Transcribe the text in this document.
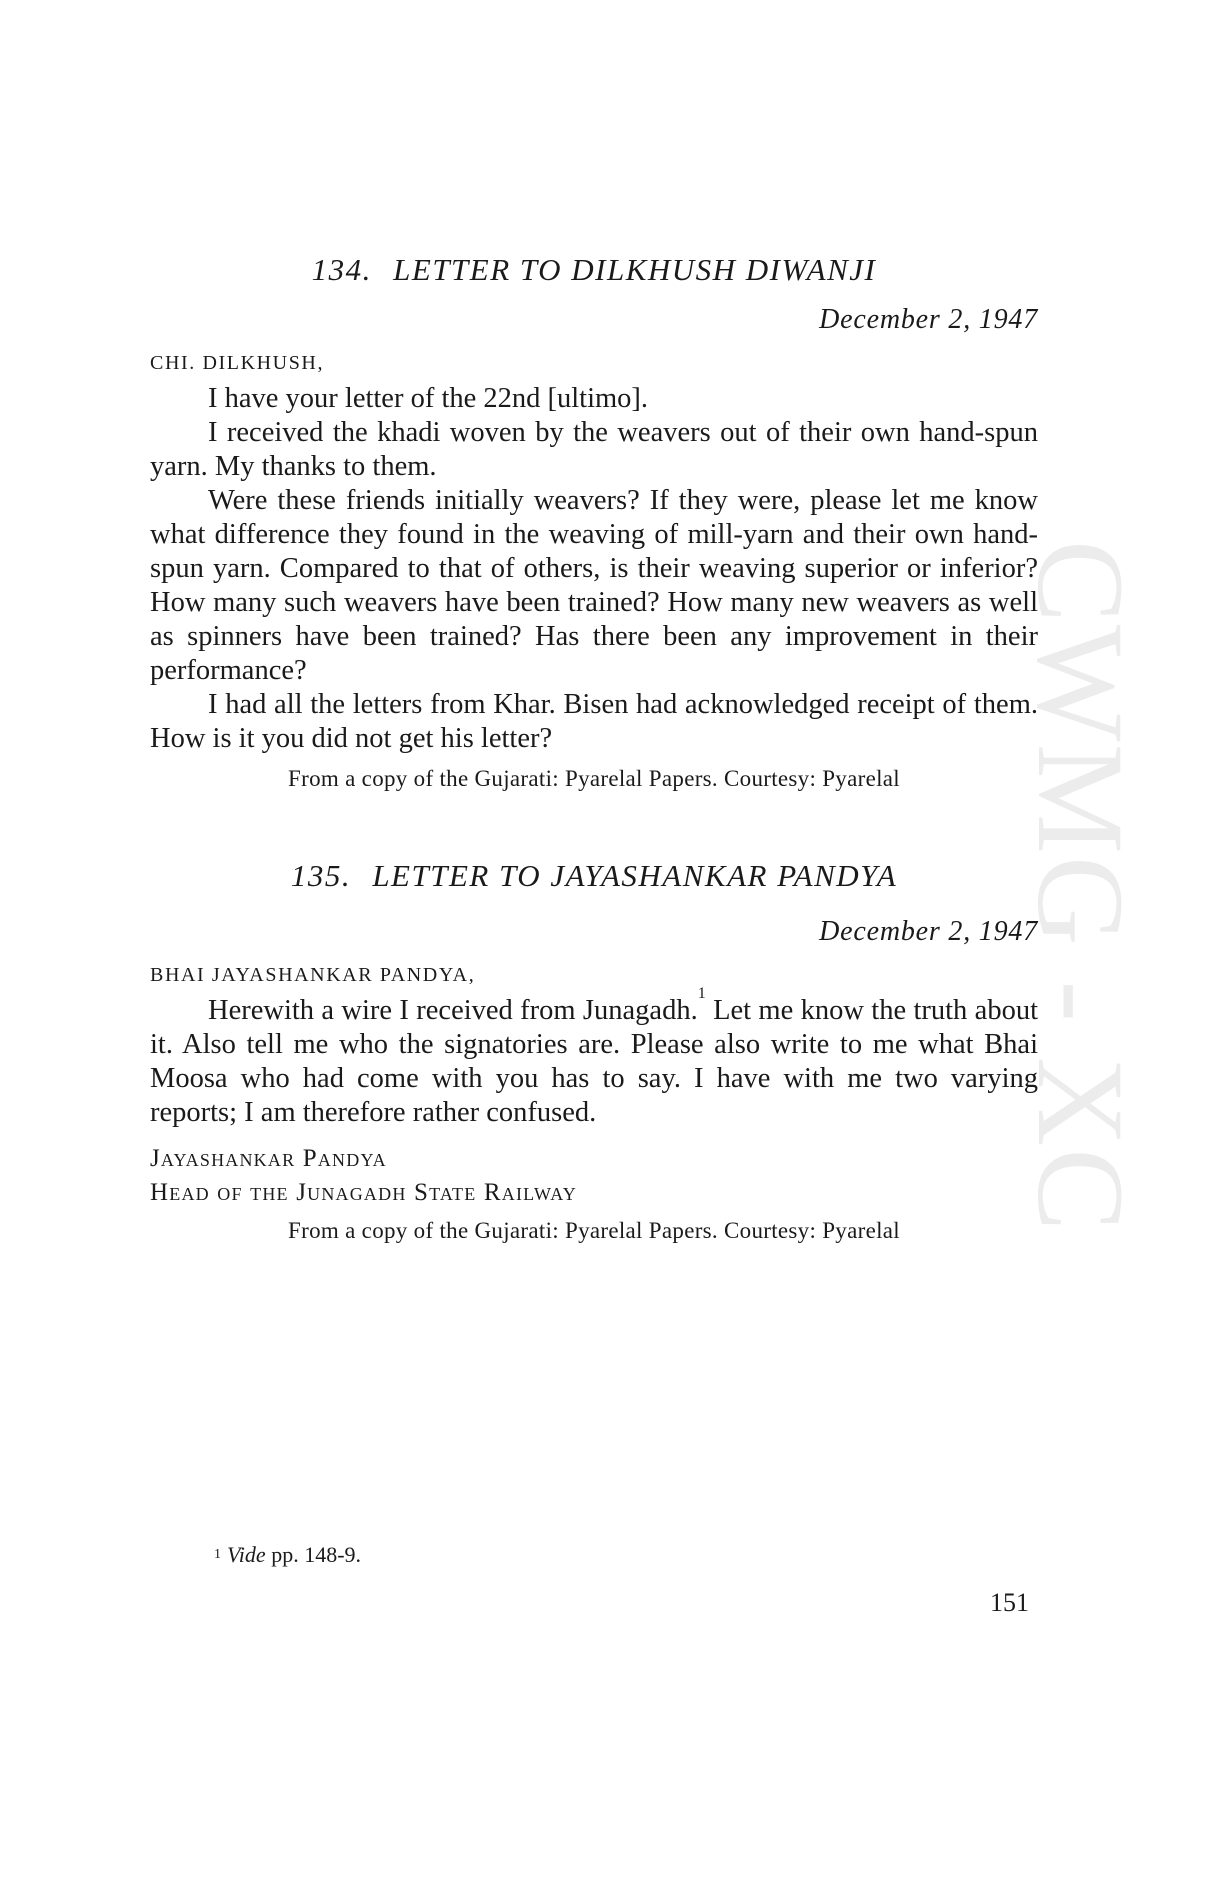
CWMG - XC

134. LETTER TO DILKHUSH DIWANJI

December 2, 1947
CHI. DILKHUSH,

I have your letter of the 22nd [ultimo].

I received the khadi woven by the weavers out of their own hand-spun yarn. My thanks to them.

Were these friends initially weavers? If they were, please let me know what difference they found in the weaving of mill-yarn and their own hand-spun yarn. Compared to that of others, is their weaving superior or inferior? How many such weavers have been trained? How many new weavers as well as spinners have been trained? Has there been any improvement in their performance?

I had all the letters from Khar. Bisen had acknowledged receipt of them. How is it you did not get his letter?

From a copy of the Gujarati: Pyarelal Papers. Courtesy: Pyarelal

135. LETTER TO JAYASHANKAR PANDYA

December 2, 1947
BHAI JAYASHANKAR PANDYA,

Herewith a wire I received from Junagadh.$^1$ Let me know the truth about it. Also tell me who the signatories are. Please also write to me what Bhai Moosa who had come with you has to say. I have with me two varying reports; I am therefore rather confused.

Jayashankar Pandya
Head of the Junagadh State Railway
From a copy of the Gujarati: Pyarelal Papers. Courtesy: Pyarelal
$^1$ Vide pp. 148-9.
151
